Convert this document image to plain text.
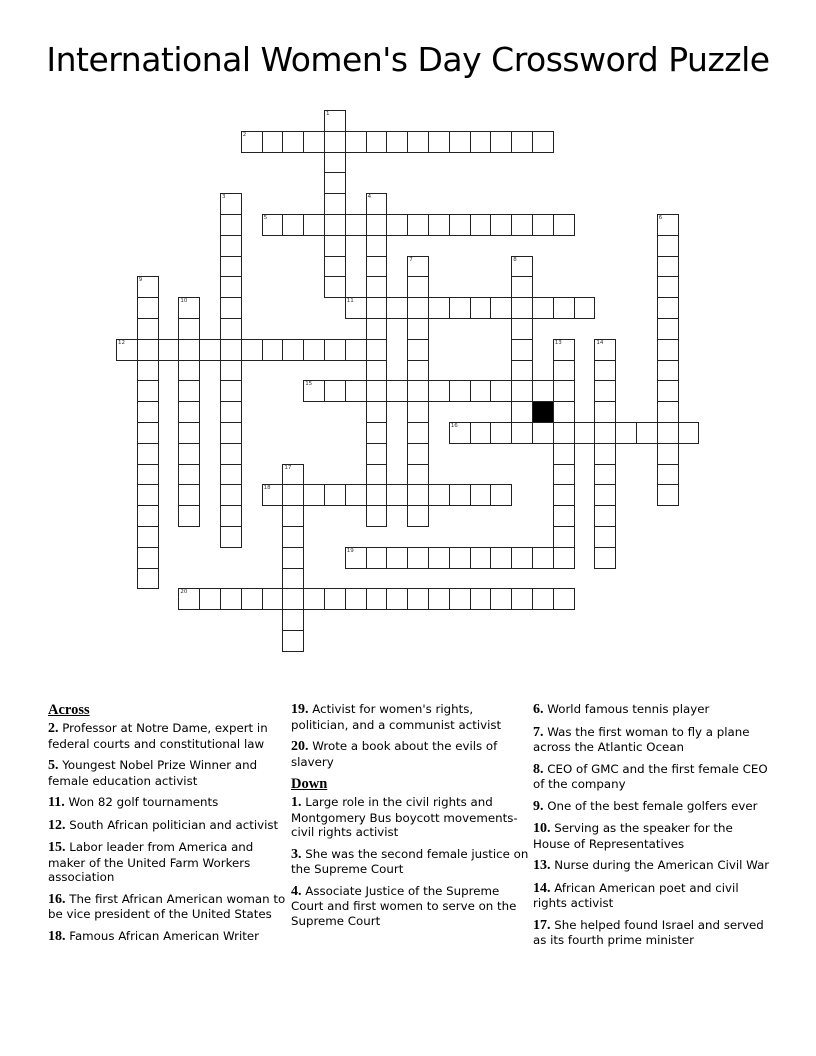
International Women's Day Crossword Puzzle
1
2
3	4
5	6
7	8
9
10	11
12	13	14
15
16
17
18
19
20
Across
2. Professor at Notre Dame, expert in federal courts and constitutional law
5. Youngest Nobel Prize Winner and female education activist
11. Won 82 golf tournaments
12. South African politician and activist
15. Labor leader from America and maker of the United Farm Workers association
16. The first African American woman to be vice president of the United States
18. Famous African American Writer
19. Activist for women's rights, politician, and a communist activist
20. Wrote a book about the evils of slavery
Down
1. Large role in the civil rights and Montgomery Bus boycott movements- civil rights activist
3. She was the second female justice on the Supreme Court
4. Associate Justice of the Supreme Court and first women to serve on the Supreme Court
6. World famous tennis player
7. Was the first woman to fly a plane across the Atlantic Ocean
8. CEO of GMC and the first female CEO of the company
9. One of the best female golfers ever
10. Serving as the speaker for the House of Representatives
13. Nurse during the American Civil War
14. African American poet and civil rights activist
17. She helped found Israel and served as its fourth prime minister
